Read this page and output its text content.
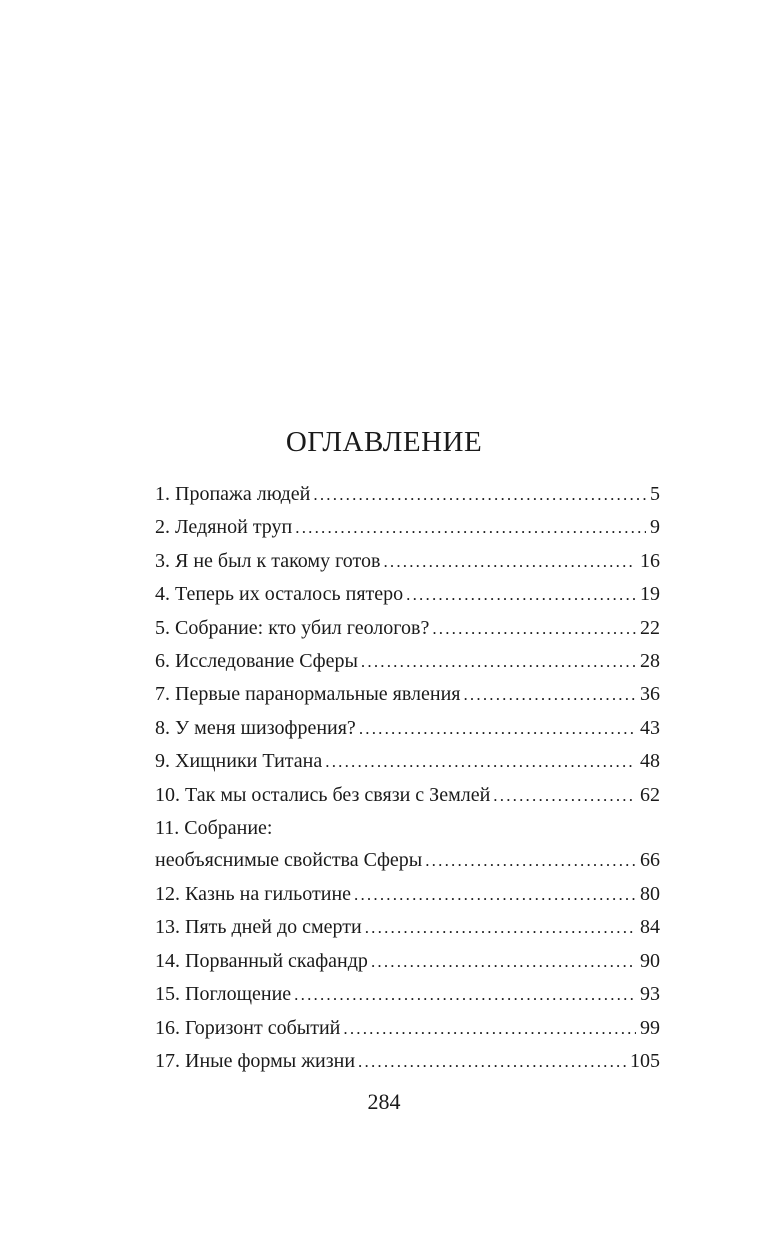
ОГЛАВЛЕНИЕ
1. Пропажа людей .....	5
2. Ледяной труп .....	9
3. Я не был к такому готов .....	16
4. Теперь их осталось пятеро .....	19
5. Собрание: кто убил геологов? .....	22
6. Исследование Сферы .....	28
7. Первые паранормальные явления .....	36
8. У меня шизофрения? .....	43
9. Хищники Титана .....	48
10. Так мы остались без связи с Землей .....	62
11. Собрание:
необъяснимые свойства Сферы .....	66
12. Казнь на гильотине .....	80
13. Пять дней до смерти .....	84
14. Порванный скафандр .....	90
15. Поглощение .....	93
16. Горизонт событий .....	99
17. Иные формы жизни .....	105
284
